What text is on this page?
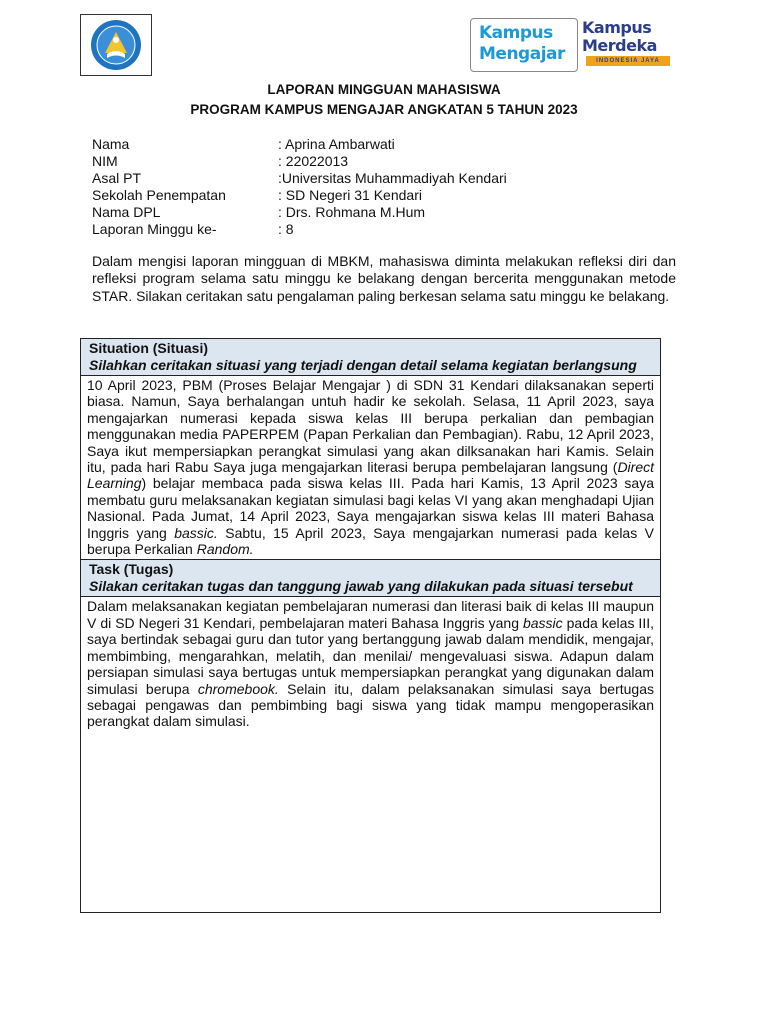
Kampus
Mengajar
Kampus
Merdeka
INDONESIA JAYA
LAPORAN MINGGUAN MAHASISWA
PROGRAM KAMPUS MENGAJAR ANGKATAN 5 TAHUN 2023
Nama	: Aprina Ambarwati
NIM	: 22022013
Asal PT	:Universitas Muhammadiyah Kendari
Sekolah Penempatan	: SD Negeri 31 Kendari
Nama DPL	: Drs. Rohmana M.Hum
Laporan Minggu ke-	: 8

Dalam mengisi laporan mingguan di MBKM, mahasiswa diminta melakukan refleksi diri dan refleksi program selama satu minggu ke belakang dengan bercerita menggunakan metode STAR. Silakan ceritakan satu pengalaman paling berkesan selama satu minggu ke belakang.

Situation (Situasi)
Silahkan ceritakan situasi yang terjadi dengan detail selama kegiatan berlangsung
10 April 2023, PBM (Proses Belajar Mengajar ) di SDN 31 Kendari dilaksanakan seperti biasa. Namun, Saya berhalangan untuh hadir ke sekolah. Selasa, 11 April 2023, saya mengajarkan numerasi kepada siswa kelas III berupa perkalian dan pembagian menggunakan media PAPERPEM (Papan Perkalian dan Pembagian). Rabu, 12 April 2023, Saya ikut mempersiapkan perangkat simulasi yang akan dilksanakan hari Kamis. Selain itu, pada hari Rabu Saya juga mengajarkan literasi berupa pembelajaran langsung (Direct Learning) belajar membaca pada siswa kelas III. Pada hari Kamis, 13 April 2023 saya membatu guru melaksanakan kegiatan simulasi bagi kelas VI yang akan menghadapi Ujian Nasional. Pada Jumat, 14 April 2023, Saya mengajarkan siswa kelas III materi Bahasa Inggris yang bassic. Sabtu, 15 April 2023, Saya mengajarkan numerasi pada kelas V berupa Perkalian Random.
Task (Tugas)
Silakan ceritakan tugas dan tanggung jawab yang dilakukan pada situasi tersebut
Dalam melaksanakan kegiatan pembelajaran numerasi dan literasi baik di kelas III maupun V di SD Negeri 31 Kendari, pembelajaran materi Bahasa Inggris yang bassic pada kelas III, saya bertindak sebagai guru dan tutor yang bertanggung jawab dalam mendidik, mengajar, membimbing, mengarahkan, melatih, dan menilai/ mengevaluasi siswa. Adapun dalam persiapan simulasi saya bertugas untuk mempersiapkan perangkat yang digunakan dalam simulasi berupa chromebook. Selain itu, dalam pelaksanakan simulasi saya bertugas sebagai pengawas dan pembimbing bagi siswa yang tidak mampu mengoperasikan perangkat dalam simulasi.
